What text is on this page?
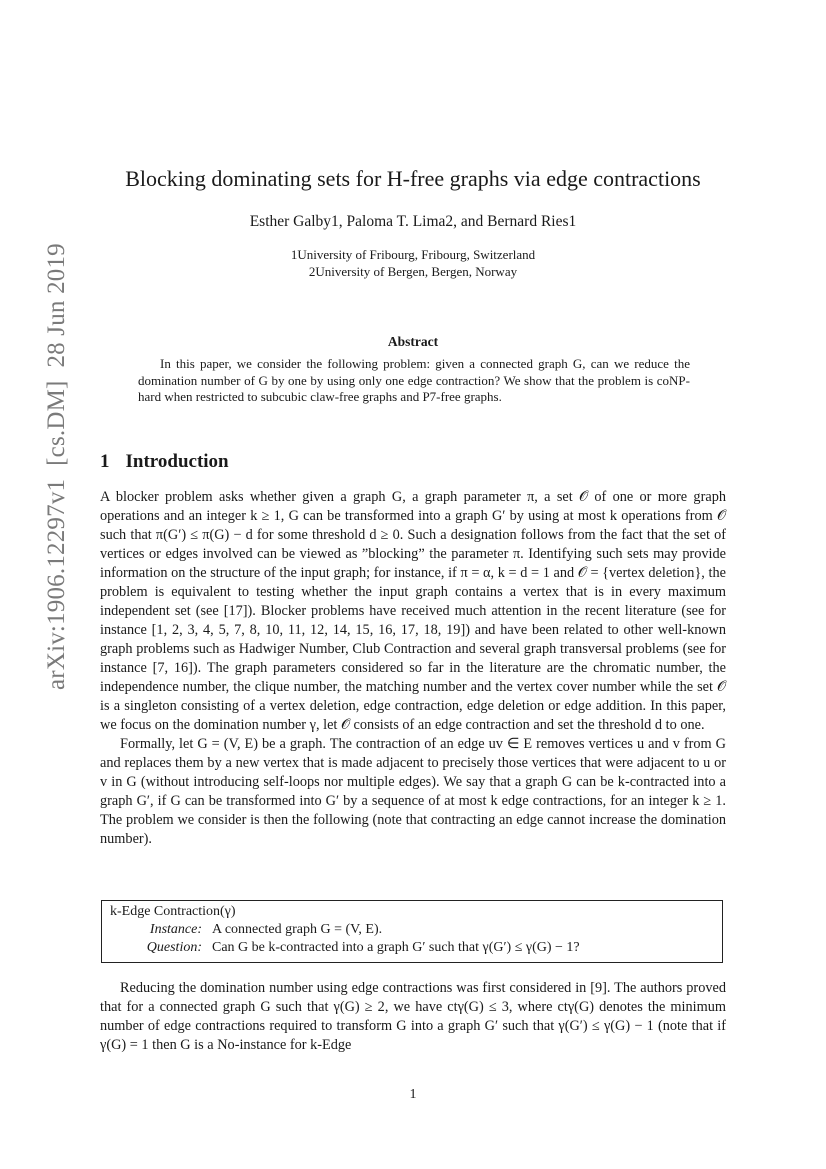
arXiv:1906.12297v1  [cs.DM]  28 Jun 2019
Blocking dominating sets for H-free graphs via edge contractions
Esther Galby1, Paloma T. Lima2, and Bernard Ries1
1University of Fribourg, Fribourg, Switzerland
2University of Bergen, Bergen, Norway
Abstract
In this paper, we consider the following problem: given a connected graph G, can we reduce the domination number of G by one by using only one edge contraction? We show that the problem is coNP-hard when restricted to subcubic claw-free graphs and P7-free graphs.
1 Introduction

A blocker problem asks whether given a graph G, a graph parameter π, a set 𝒪 of one or more graph operations and an integer k ≥ 1, G can be transformed into a graph G′ by using at most k operations from 𝒪 such that π(G′) ≤ π(G) − d for some threshold d ≥ 0. Such a designation follows from the fact that the set of vertices or edges involved can be viewed as ”blocking” the parameter π. Identifying such sets may provide information on the structure of the input graph; for instance, if π = α, k = d = 1 and 𝒪 = {vertex deletion}, the problem is equivalent to testing whether the input graph contains a vertex that is in every maximum independent set (see [17]). Blocker problems have received much attention in the recent literature (see for instance [1, 2, 3, 4, 5, 7, 8, 10, 11, 12, 14, 15, 16, 17, 18, 19]) and have been related to other well-known graph problems such as Hadwiger Number, Club Contraction and several graph transversal problems (see for instance [7, 16]). The graph parameters considered so far in the literature are the chromatic number, the independence number, the clique number, the matching number and the vertex cover number while the set 𝒪 is a singleton consisting of a vertex deletion, edge contraction, edge deletion or edge addition. In this paper, we focus on the domination number γ, let 𝒪 consists of an edge contraction and set the threshold d to one.

Formally, let G = (V, E) be a graph. The contraction of an edge uv ∈ E removes vertices u and v from G and replaces them by a new vertex that is made adjacent to precisely those vertices that were adjacent to u or v in G (without introducing self-loops nor multiple edges). We say that a graph G can be k-contracted into a graph G′, if G can be transformed into G′ by a sequence of at most k edge contractions, for an integer k ≥ 1. The problem we consider is then the following (note that contracting an edge cannot increase the domination number).

k-Edge Contraction(γ)
Instance: A connected graph G = (V, E).
Question: Can G be k-contracted into a graph G′ such that γ(G′) ≤ γ(G) − 1?

Reducing the domination number using edge contractions was first considered in [9]. The authors proved that for a connected graph G such that γ(G) ≥ 2, we have ctγ(G) ≤ 3, where ctγ(G) denotes the minimum number of edge contractions required to transform G into a graph G′ such that γ(G′) ≤ γ(G) − 1 (note that if γ(G) = 1 then G is a No-instance for k-Edge

1
